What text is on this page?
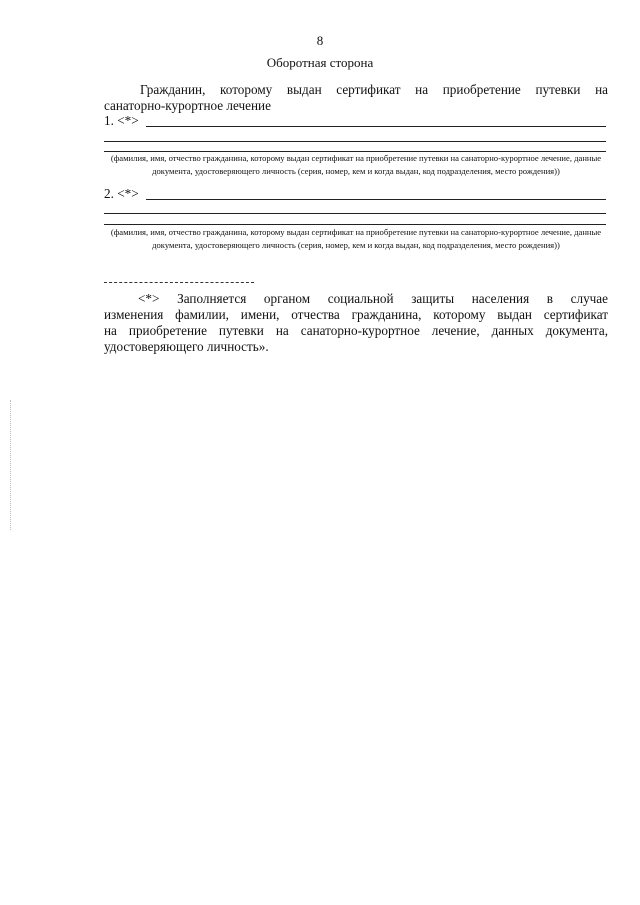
8
Оборотная сторона
Гражданин, которому выдан сертификат на приобретение путевки на
санаторно-курортное лечение
1. <*>
(фамилия, имя, отчество гражданина, которому выдан сертификат на приобретение путевки на санаторно-курортное лечение, данные документа, удостоверяющего личность (серия, номер, кем и когда выдан, код подразделения, место рождения))
2. <*>
(фамилия, имя, отчество гражданина, которому выдан сертификат на приобретение путевки на санаторно-курортное лечение, данные документа, удостоверяющего личность (серия, номер, кем и когда выдан, код подразделения, место рождения))
<*> Заполняется органом социальной защиты населения в случае
изменения фамилии, имени, отчества гражданина, которому выдан сертификат
на приобретение путевки на санаторно-курортное лечение, данных документа,
удостоверяющего личность».
